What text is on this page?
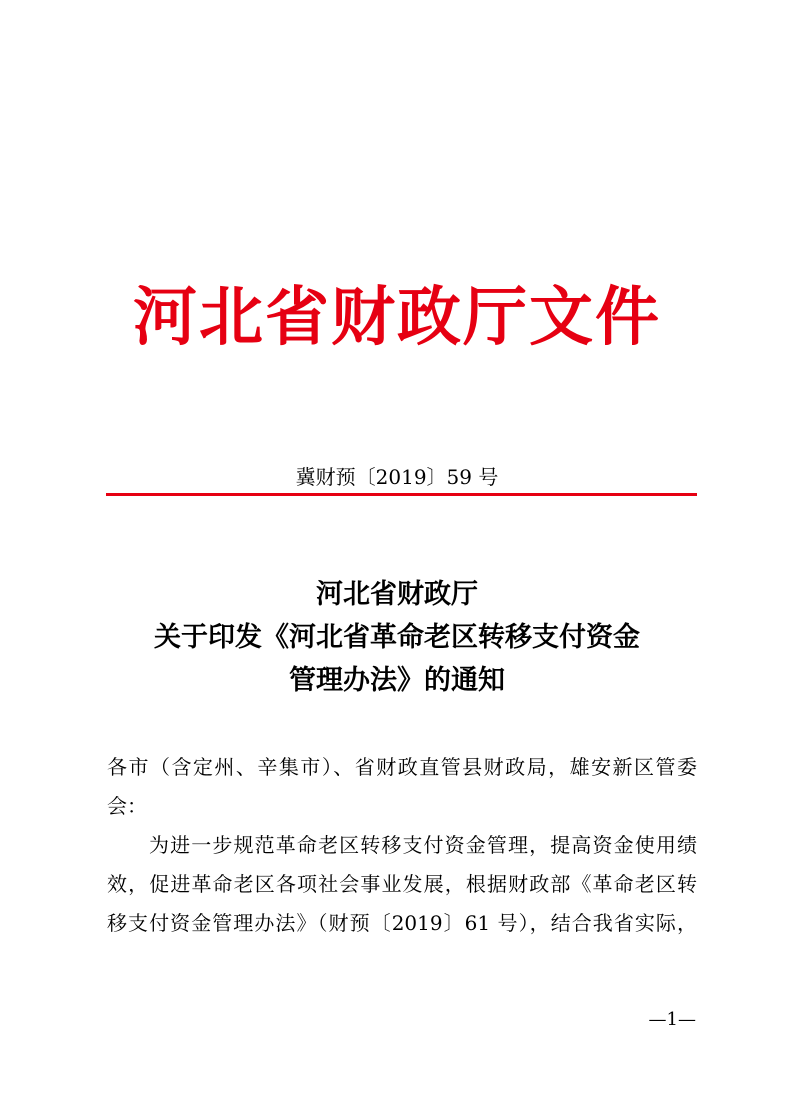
河北省财政厅文件
冀财预〔2019〕59 号
河北省财政厅
关于印发《河北省革命老区转移支付资金
管理办法》的通知
各市（含定州、辛集市）、省财政直管县财政局，雄安新区管委
会：
为进一步规范革命老区转移支付资金管理，提高资金使用绩
效，促进革命老区各项社会事业发展，根据财政部《革命老区转
移支付资金管理办法》（财预〔2019〕61 号），结合我省实际，
—1—
